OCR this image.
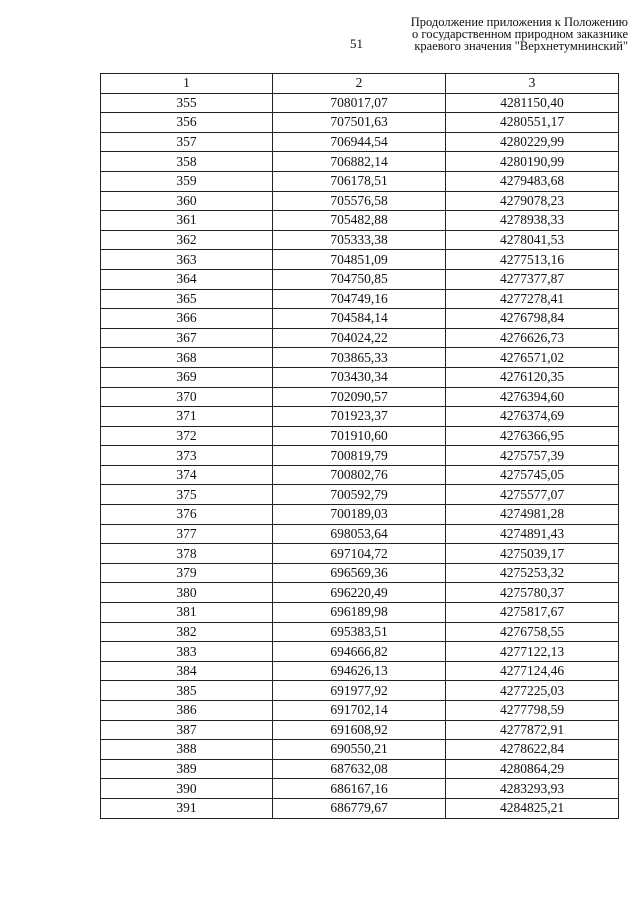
51
Продолжение приложения к Положению
о государственном природном заказнике
краевого значения "Верхнетумнинский"
1	2	3
355	708017,07	4281150,40
356	707501,63	4280551,17
357	706944,54	4280229,99
358	706882,14	4280190,99
359	706178,51	4279483,68
360	705576,58	4279078,23
361	705482,88	4278938,33
362	705333,38	4278041,53
363	704851,09	4277513,16
364	704750,85	4277377,87
365	704749,16	4277278,41
366	704584,14	4276798,84
367	704024,22	4276626,73
368	703865,33	4276571,02
369	703430,34	4276120,35
370	702090,57	4276394,60
371	701923,37	4276374,69
372	701910,60	4276366,95
373	700819,79	4275757,39
374	700802,76	4275745,05
375	700592,79	4275577,07
376	700189,03	4274981,28
377	698053,64	4274891,43
378	697104,72	4275039,17
379	696569,36	4275253,32
380	696220,49	4275780,37
381	696189,98	4275817,67
382	695383,51	4276758,55
383	694666,82	4277122,13
384	694626,13	4277124,46
385	691977,92	4277225,03
386	691702,14	4277798,59
387	691608,92	4277872,91
388	690550,21	4278622,84
389	687632,08	4280864,29
390	686167,16	4283293,93
391	686779,67	4284825,21
